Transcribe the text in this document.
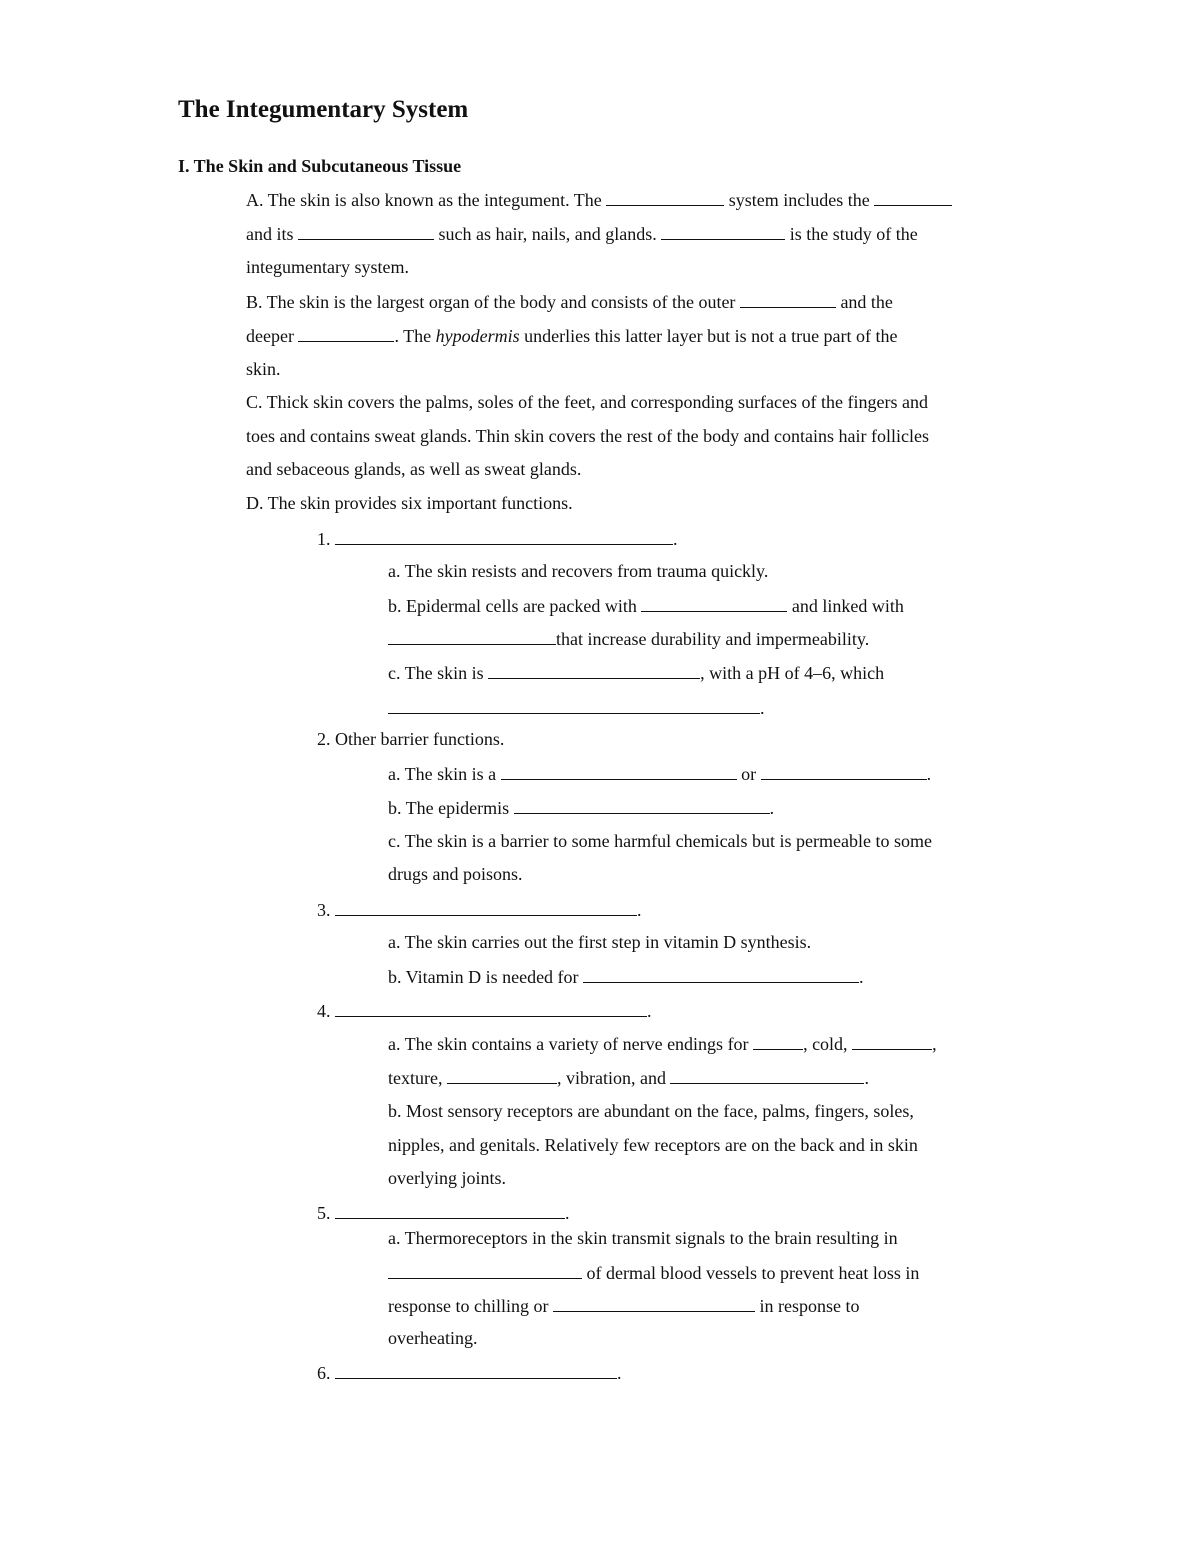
The Integumentary System
I. The Skin and Subcutaneous Tissue
A. The skin is also known as the integument. The	system includes the
and its	such as hair, nails, and glands.	is the study of the
integumentary system.
B. The skin is the largest organ of the body and consists of the outer	and the
deeper	. The hypodermis underlies this latter layer but is not a true part of the
skin.
C. Thick skin covers the palms, soles of the feet, and corresponding surfaces of the fingers and
toes and contains sweat glands. Thin skin covers the rest of the body and contains hair follicles
and sebaceous glands, as well as sweat glands.
D. The skin provides six important functions.
1.	.
a. The skin resists and recovers from trauma quickly.
b. Epidermal cells are packed with	and linked with
that increase durability and impermeability.
c. The skin is	, with a pH of 4–6, which
.
2. Other barrier functions.
a. The skin is a	or	.
b. The epidermis	.
c. The skin is a barrier to some harmful chemicals but is permeable to some
drugs and poisons.
3.	.
a. The skin carries out the first step in vitamin D synthesis.
b. Vitamin D is needed for	.
4.	.
a. The skin contains a variety of nerve endings for	, cold,	,
texture,	, vibration, and	.
b. Most sensory receptors are abundant on the face, palms, fingers, soles,
nipples, and genitals. Relatively few receptors are on the back and in skin
overlying joints.
5.	.
a. Thermoreceptors in the skin transmit signals to the brain resulting in
of dermal blood vessels to prevent heat loss in
response to chilling or	in response to
overheating.
6.	.
